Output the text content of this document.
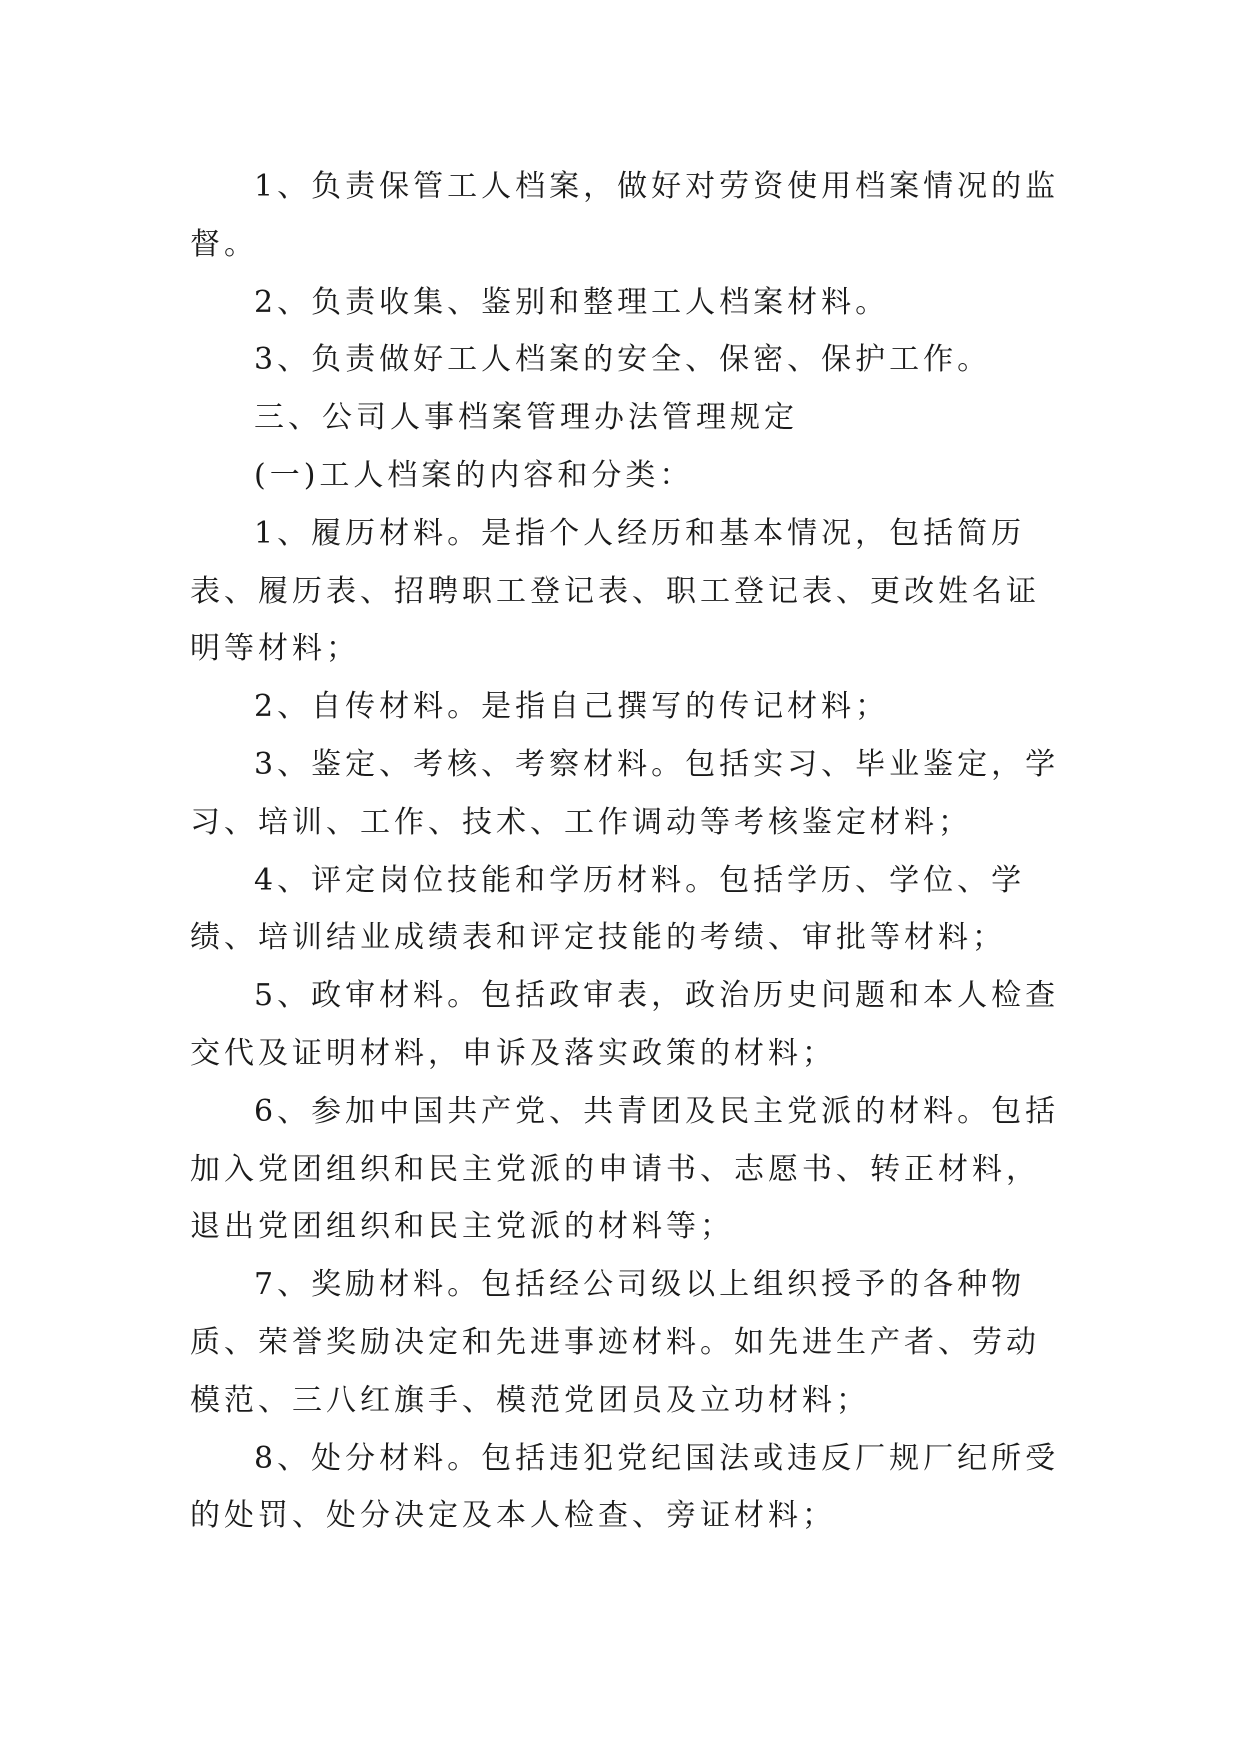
1、负责保管工人档案，做好对劳资使用档案情况的监督。

2、负责收集、鉴别和整理工人档案材料。

3、负责做好工人档案的安全、保密、保护工作。

三、公司人事档案管理办法管理规定

(一)工人档案的内容和分类：

1、履历材料。是指个人经历和基本情况，包括简历表、履历表、招聘职工登记表、职工登记表、更改姓名证明等材料；

2、自传材料。是指自己撰写的传记材料；

3、鉴定、考核、考察材料。包括实习、毕业鉴定，学习、培训、工作、技术、工作调动等考核鉴定材料；

4、评定岗位技能和学历材料。包括学历、学位、学绩、培训结业成绩表和评定技能的考绩、审批等材料；

5、政审材料。包括政审表，政治历史问题和本人检查交代及证明材料，申诉及落实政策的材料；

6、参加中国共产党、共青团及民主党派的材料。包括加入党团组织和民主党派的申请书、志愿书、转正材料，退出党团组织和民主党派的材料等；

7、奖励材料。包括经公司级以上组织授予的各种物质、荣誉奖励决定和先进事迹材料。如先进生产者、劳动模范、三八红旗手、模范党团员及立功材料；

8、处分材料。包括违犯党纪国法或违反厂规厂纪所受的处罚、处分决定及本人检查、旁证材料；
